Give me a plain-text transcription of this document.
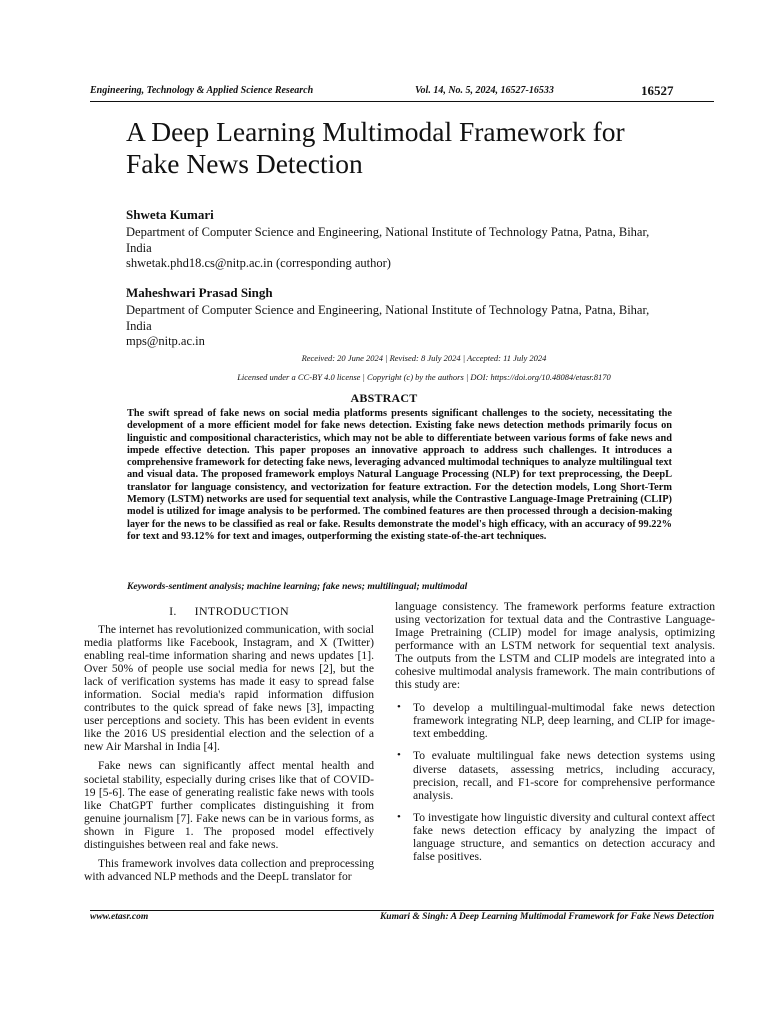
Engineering, Technology & Applied Science Research	Vol. 14, No. 5, 2024, 16527-16533	16527
A Deep Learning Multimodal Framework for
Fake News Detection

Shweta Kumari

Department of Computer Science and Engineering, National Institute of Technology Patna, Patna, Bihar,

India

shwetak.phd18.cs@nitp.ac.in (corresponding author)

Maheshwari Prasad Singh

Department of Computer Science and Engineering, National Institute of Technology Patna, Patna, Bihar,

India

mps@nitp.ac.in

Received: 20 June 2024 | Revised: 8 July 2024 | Accepted: 11 July 2024
Licensed under a CC-BY 4.0 license | Copyright (c) by the authors | DOI: https://doi.org/10.48084/etasr.8170
ABSTRACT

The swift spread of fake news on social media platforms presents significant challenges to the society, necessitating the development of a more efficient model for fake news detection. Existing fake news detection methods primarily focus on linguistic and compositional characteristics, which may not be able to differentiate between various forms of fake news and impede effective detection. This paper proposes an innovative approach to address such challenges. It introduces a comprehensive framework for detecting fake news, leveraging advanced multimodal techniques to analyze multilingual text and visual data. The proposed framework employs Natural Language Processing (NLP) for text preprocessing, the DeepL translator for language consistency, and vectorization for feature extraction. For the detection models, Long Short-Term Memory (LSTM) networks are used for sequential text analysis, while the Contrastive Language-Image Pretraining (CLIP) model is utilized for image analysis to be performed. The combined features are then processed through a decision-making layer for the news to be classified as real or fake. Results demonstrate the model's high efficacy, with an accuracy of 99.22% for text and 93.12% for text and images, outperforming the existing state-of-the-art techniques.

Keywords-sentiment analysis; machine learning; fake news; multilingual; multimodal

I. INTRODUCTION

The internet has revolutionized communication, with social media platforms like Facebook, Instagram, and X (Twitter) enabling real-time information sharing and news updates [1]. Over 50% of people use social media for news [2], but the lack of verification systems has made it easy to spread false information. Social media's rapid information diffusion contributes to the quick spread of fake news [3], impacting user perceptions and society. This has been evident in events like the 2016 US presidential election and the selection of a new Air Marshal in India [4].

Fake news can significantly affect mental health and societal stability, especially during crises like that of COVID-19 [5-6]. The ease of generating realistic fake news with tools like ChatGPT further complicates distinguishing it from genuine journalism [7]. Fake news can be in various forms, as shown in Figure 1. The proposed model effectively distinguishes between real and fake news.

This framework involves data collection and preprocessing with advanced NLP methods and the DeepL translator for

language consistency. The framework performs feature extraction using vectorization for textual data and the Contrastive Language-Image Pretraining (CLIP) model for image analysis, optimizing performance with an LSTM network for sequential text analysis. The outputs from the LSTM and CLIP models are integrated into a cohesive multimodal analysis framework. The main contributions of this study are:

• To develop a multilingual-multimodal fake news detection framework integrating NLP, deep learning, and CLIP for image-text embedding.
• To evaluate multilingual fake news detection systems using diverse datasets, assessing metrics, including accuracy, precision, recall, and F1-score for comprehensive performance analysis.
• To investigate how linguistic diversity and cultural context affect fake news detection efficacy by analyzing the impact of language structure, and semantics on detection accuracy and false positives.
www.etasr.com	Kumari & Singh: A Deep Learning Multimodal Framework for Fake News Detection
